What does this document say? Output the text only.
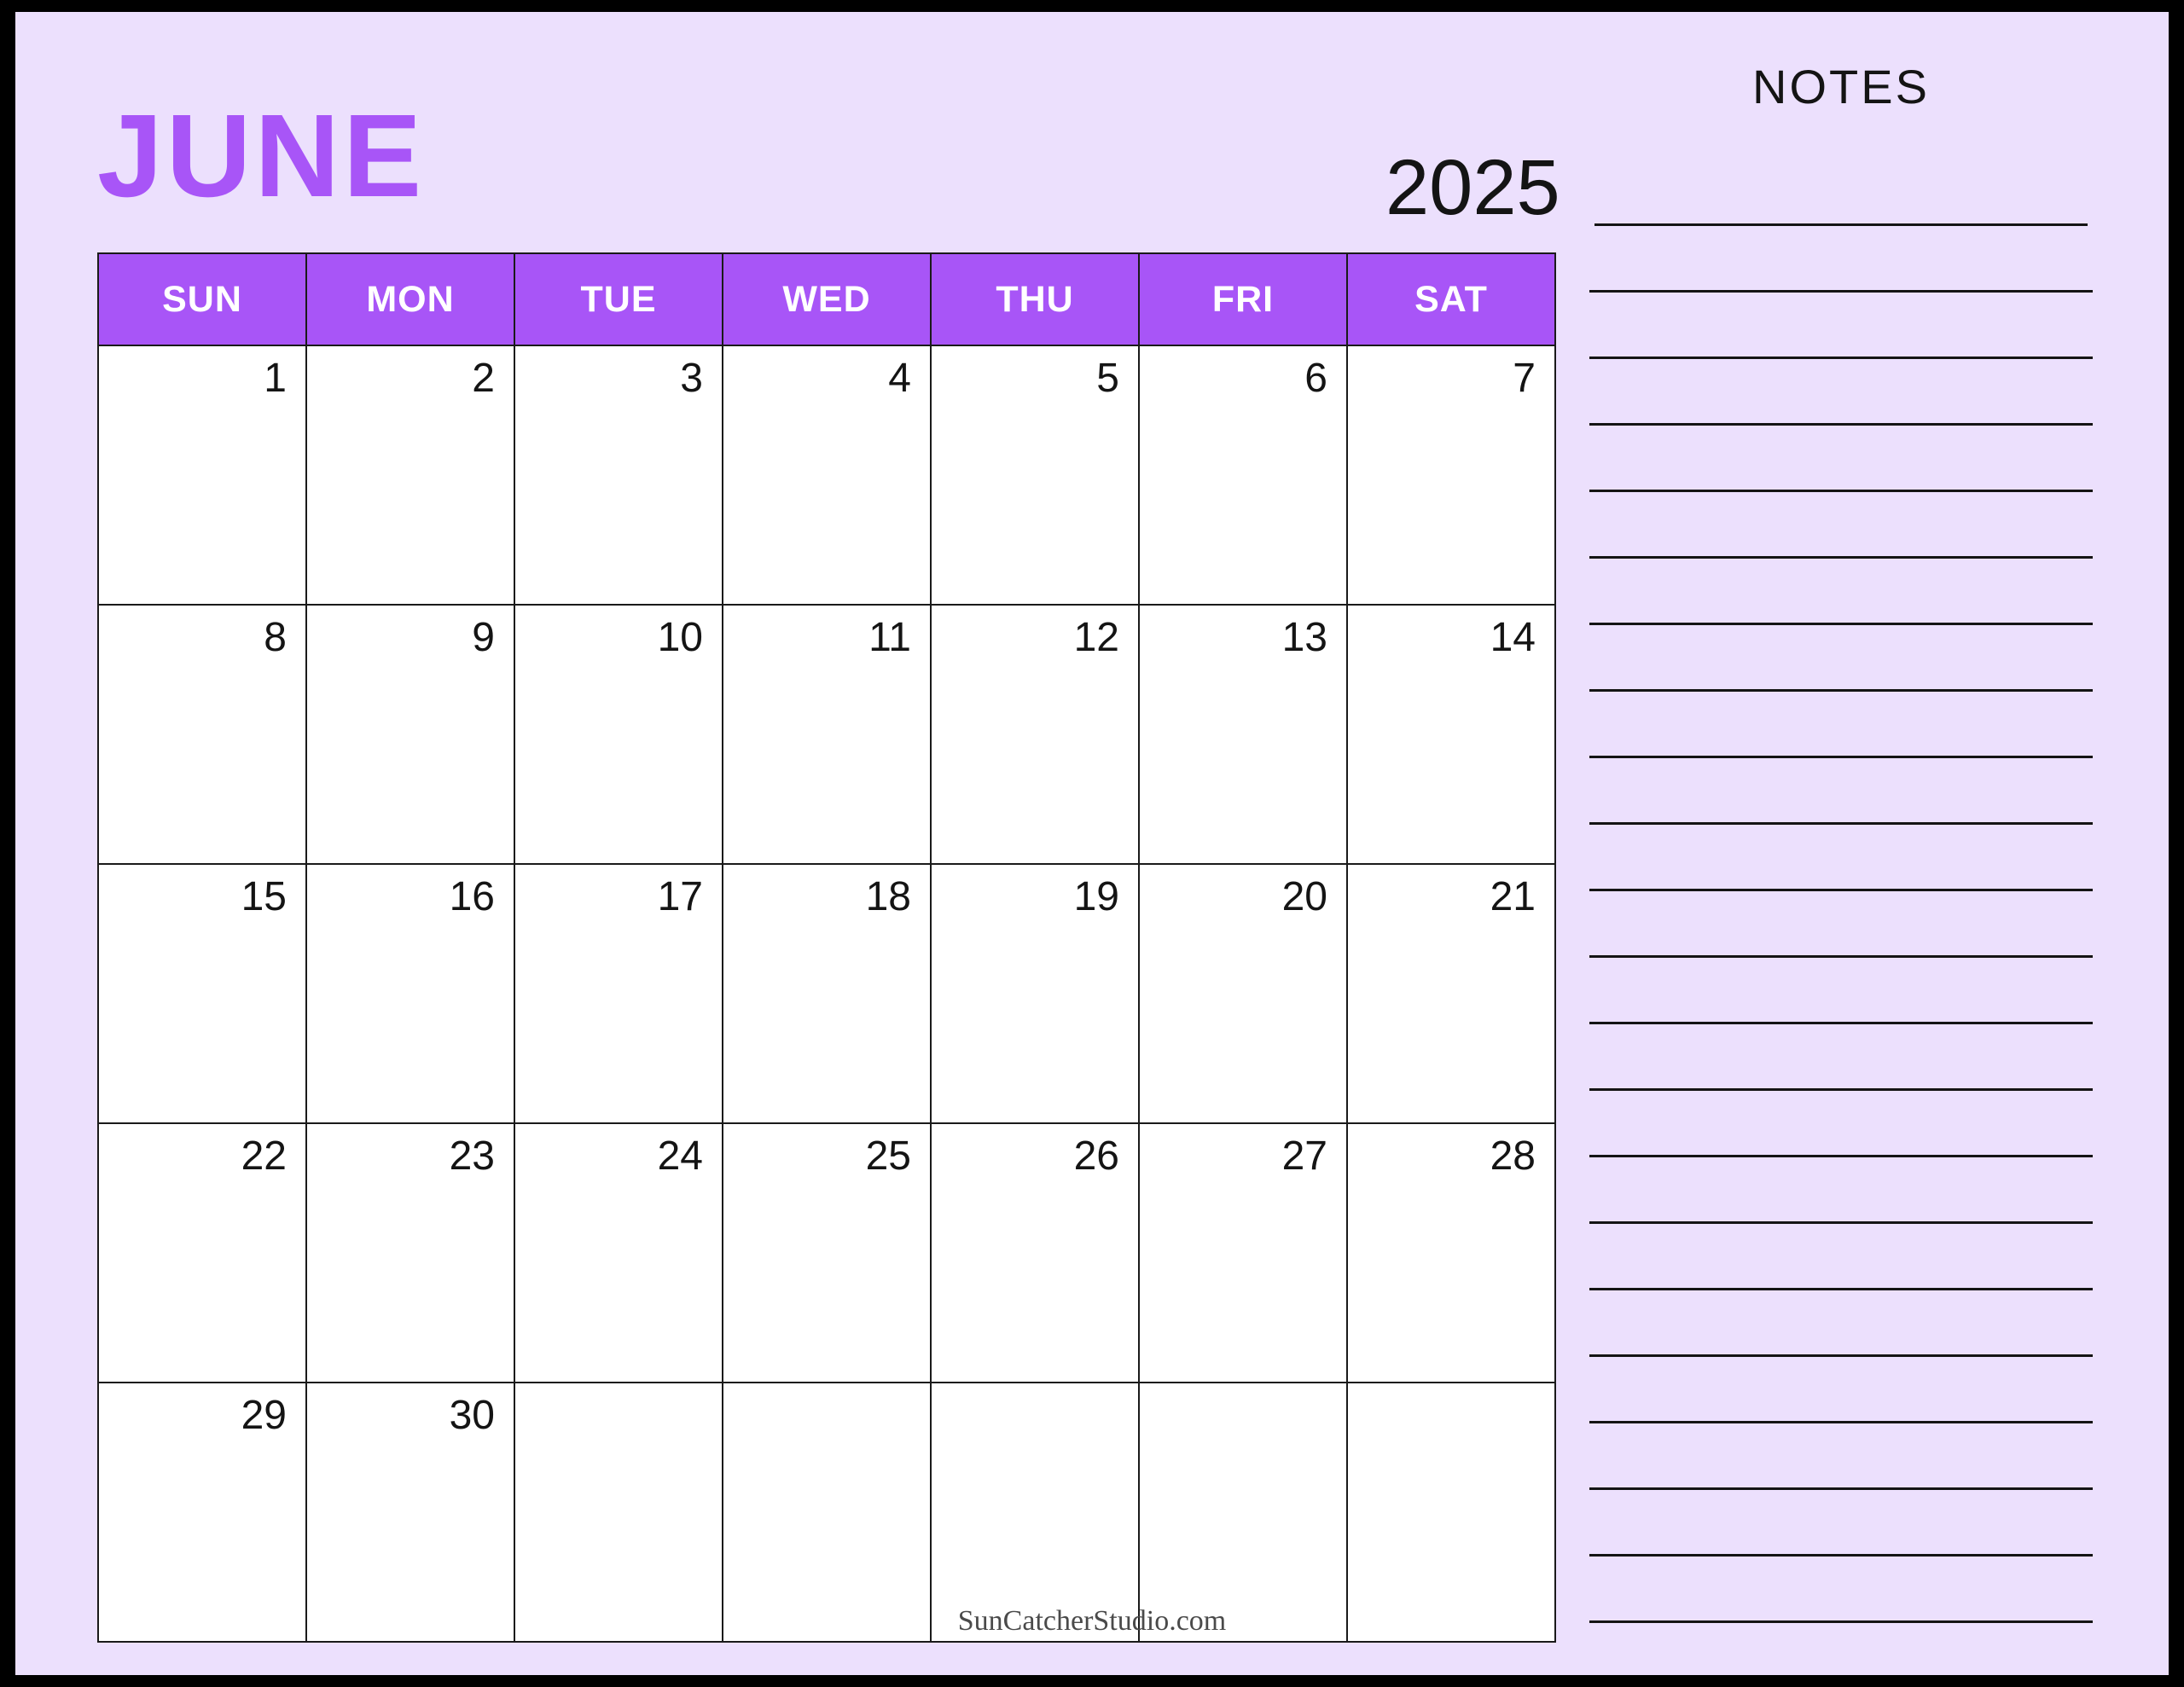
JUNE	2025
SUN	MON	TUE	WED	THU	FRI	SAT
1	2	3	4	5	6	7
8	9	10	11	12	13	14
15	16	17	18	19	20	21
22	23	24	25	26	27	28
29	30					
NOTES
SunCatcherStudio.com
